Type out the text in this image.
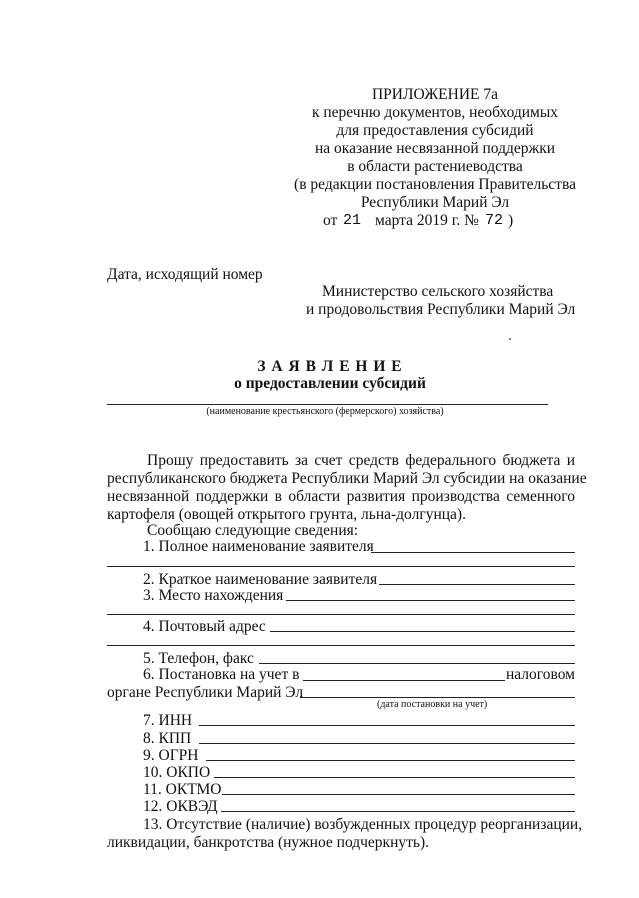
ПРИЛОЖЕНИЕ 7а
к перечню документов, необходимых
для предоставления субсидий
на оказание несвязанной поддержки
в области растениеводства
(в редакции постановления Правительства
Республики Марий Эл
от 21 марта 2019 г. № 72 )
Дата, исходящий номер
Министерство сельского хозяйства
и продовольствия Республики Марий Эл
З А Я В Л Е Н И Е
о предоставлении субсидий
(наименование крестьянского (фермерского) хозяйства)
Прошу предоставить за счет средств федерального бюджета и
республиканского бюджета Республики Марий Эл субсидии на оказание
несвязанной поддержки в области развития производства семенного
картофеля (овощей открытого грунта, льна-долгунца).
Сообщаю следующие сведения:
1. Полное наименование заявителя
2. Краткое наименование заявителя
3. Место нахождения
4. Почтовый адрес
5. Телефон, факс
6. Постановка на учет в	налоговом
органе Республики Марий Эл
(дата постановки на учет)
7. ИНН
8. КПП
9. ОГРН
10. ОКПО
11. ОКТМО
12. ОКВЭД
13. Отсутствие (наличие) возбужденных процедур реорганизации,
ликвидации, банкротства (нужное подчеркнуть).
